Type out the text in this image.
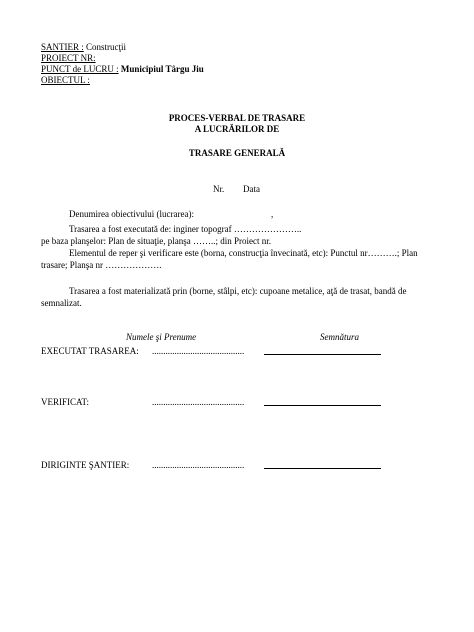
SANTIER : Construcţii
PROIECT NR:
PUNCT de LUCRU : Municipiul Târgu Jiu
OBIECTUL :
PROCES-VERBAL DE TRASARE
A LUCRĂRILOR DE
TRASARE GENERALĂ
Nr. Data
Denumirea obiectivului (lucrarea):	,
Trasarea a fost executată de: inginer topograf …………………..
pe baza planşelor: Plan de situaţie, planşa ……..; din Proiect nr.
Elementul de reper şi verificare este (borna, construcţia învecinată, etc): Punctul nr……….; Plan
trasare; Planşa nr ……………….
Trasarea a fost materializată prin (borne, stâlpi, etc): cupoane metalice, aţă de trasat, bandă de
semnalizat.
Numele şi Prenume	Semnătura
EXECUTAT TRASAREA: .........................................
VERIFICAT:	.........................................
DIRIGINTE ŞANTIER:	.........................................
